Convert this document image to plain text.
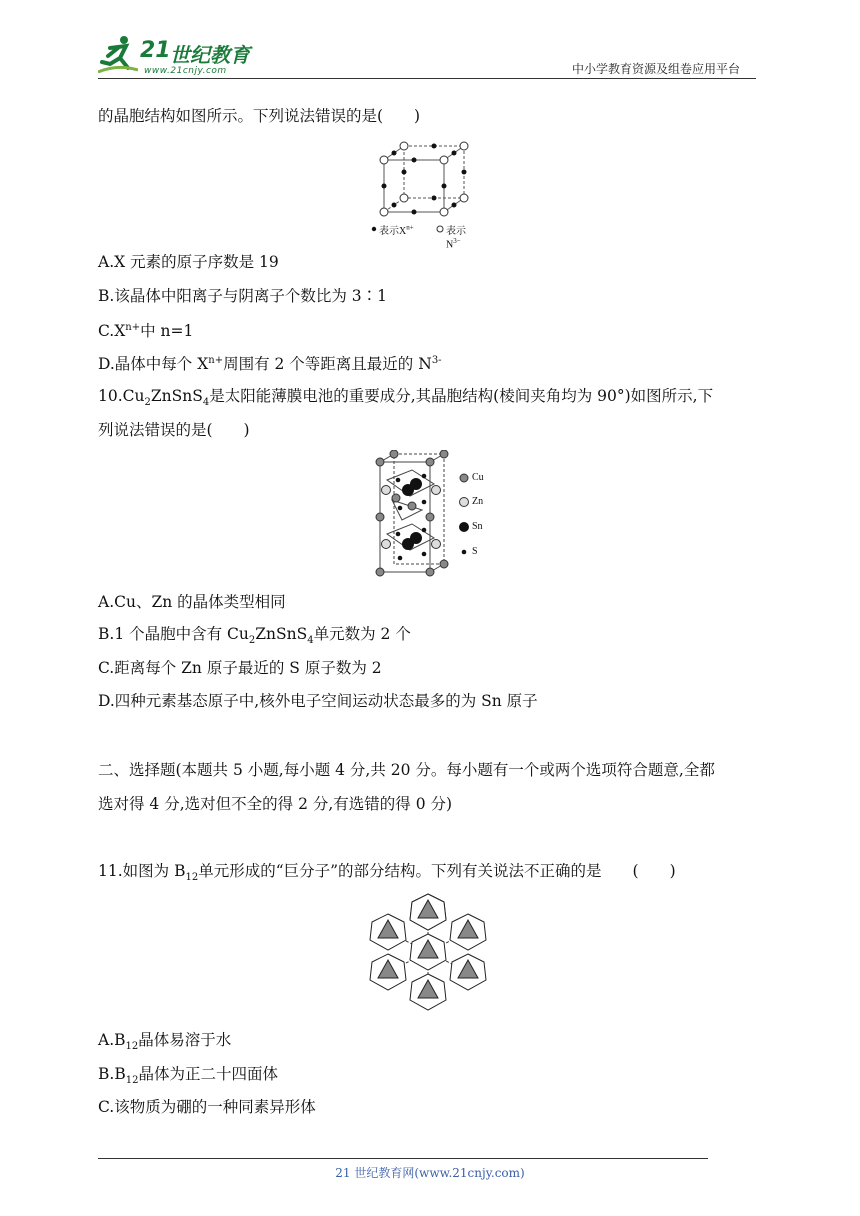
21 世纪教育
www.21cnjy.com	中小学教育资源及组卷应用平台
的晶胞结构如图所示。下列说法错误的是(　　)
表示$X^{n+}$	表示$N^{3-}$
A.X 元素的原子序数是 19
B.该晶体中阳离子与阴离子个数比为 3∶1
$C.X^{n+}$中 n=1
D.晶体中每个 $X^{n+}$周围有 2 个等距离且最近的 $N^{3-}$
$10.Cu_2ZnSnS_4$是太阳能薄膜电池的重要成分,其晶胞结构(棱间夹角均为 90°)如图所示,下
列说法错误的是(　　)
Cu
Zn
Sn
S
A.Cu、Zn 的晶体类型相同
B.1 个晶胞中含有 $Cu_2ZnSnS_4$单元数为 2 个
C.距离每个 Zn 原子最近的 S 原子数为 2
D.四种元素基态原子中,核外电子空间运动状态最多的为 Sn 原子
二、选择题(本题共 5 小题,每小题 4 分,共 20 分。每小题有一个或两个选项符合题意,全都
选对得 4 分,选对但不全的得 2 分,有选错的得 0 分)
11.如图为 $B_{12}$单元形成的“巨分子”的部分结构。下列有关说法不正确的是　　(　　)
$A.B_{12}$晶体易溶于水
$B.B_{12}$晶体为正二十四面体
C.该物质为硼的一种同素异形体
21 世纪教育网(www.21cnjy.com)
